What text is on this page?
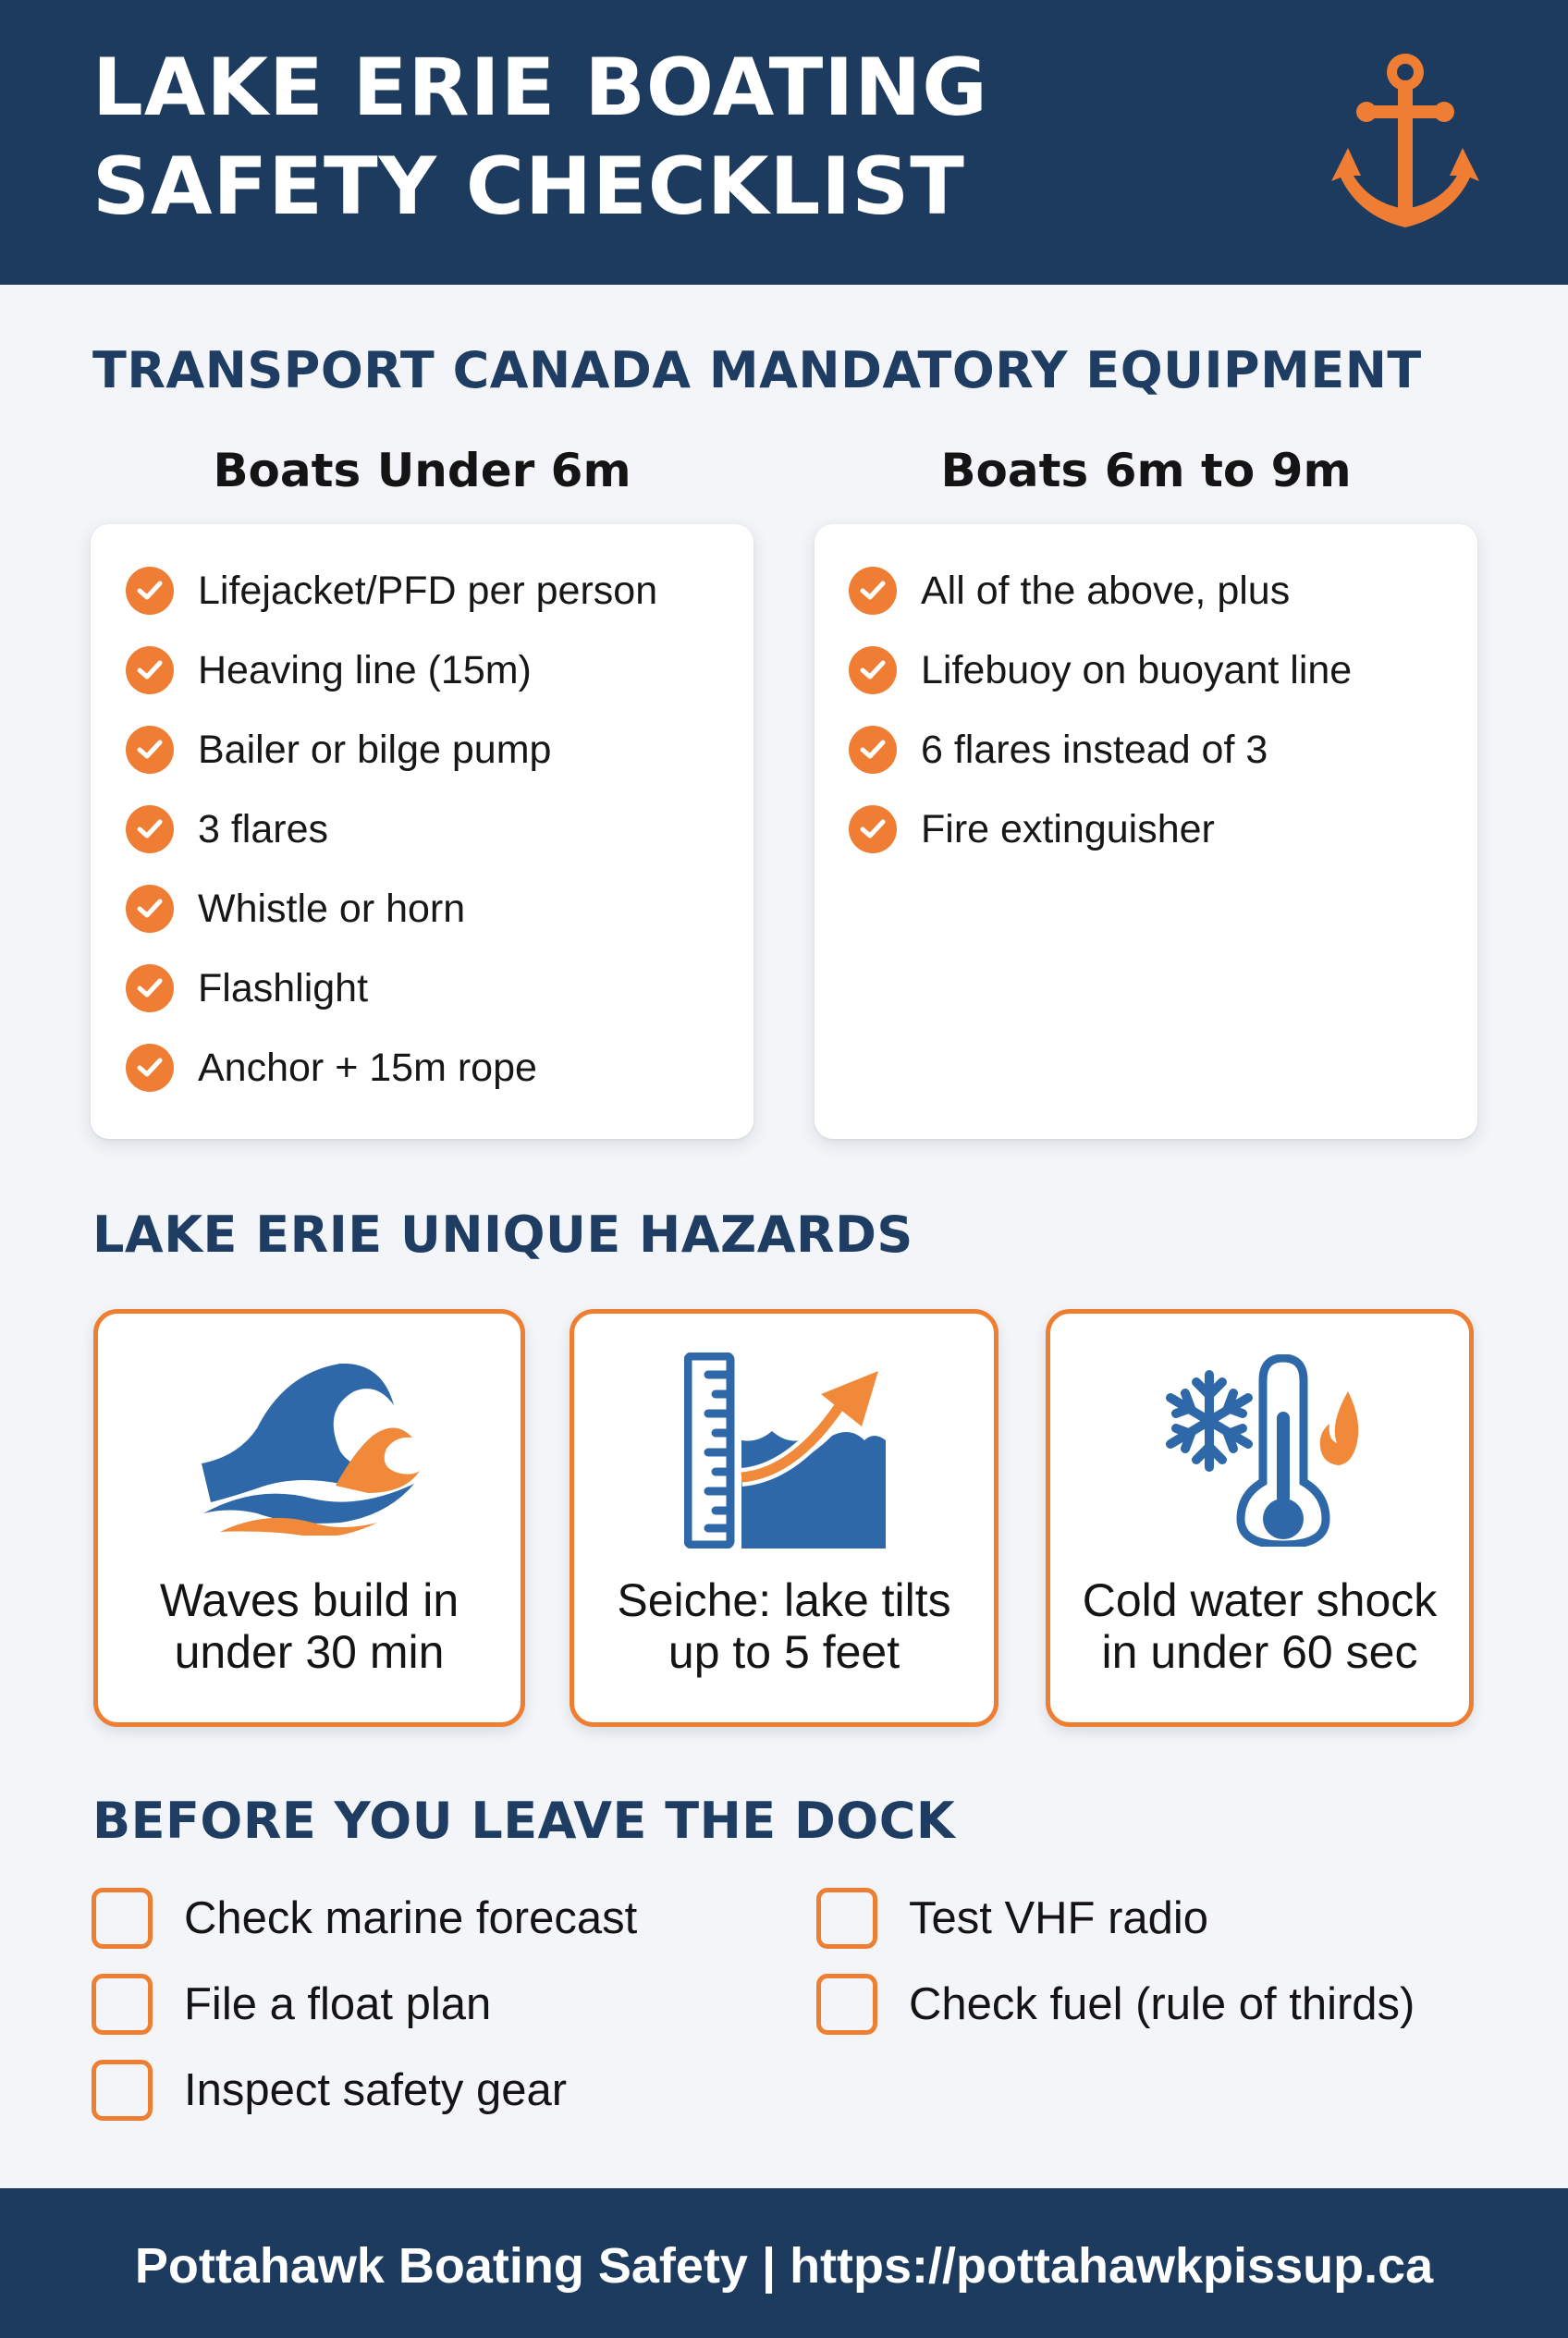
LAKE ERIE BOATING
SAFETY CHECKLIST
TRANSPORT CANADA MANDATORY EQUIPMENT
Boats Under 6m	Boats 6m to 9m
Lifejacket/PFD per person
Heaving line (15m)
Bailer or bilge pump
3 flares
Whistle or horn
Flashlight
Anchor + 15m rope
All of the above, plus
Lifebuoy on buoyant line
6 flares instead of 3
Fire extinguisher
LAKE ERIE UNIQUE HAZARDS
Waves build in
under 30 min
Seiche: lake tilts
up to 5 feet
Cold water shock
in under 60 sec
BEFORE YOU LEAVE THE DOCK
Check marine forecast
File a float plan
Inspect safety gear
Test VHF radio
Check fuel (rule of thirds)
Pottahawk Boating Safety | https://pottahawkpissup.ca
